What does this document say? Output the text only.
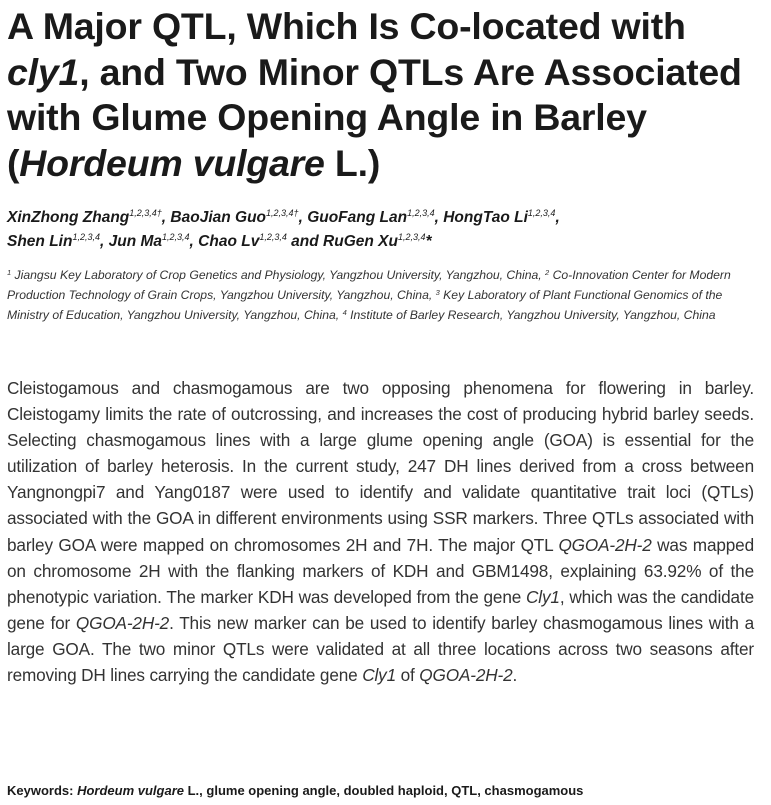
A Major QTL, Which Is Co-located with cly1, and Two Minor QTLs Are Associated with Glume Opening Angle in Barley (Hordeum vulgare L.)
XinZhong Zhang$^{1,2,3,4\dagger}$, BaoJian Guo$^{1,2,3,4\dagger}$, GuoFang Lan$^{1,2,3,4}$, HongTao Li$^{1,2,3,4}$,
Shen Lin$^{1,2,3,4}$, Jun Ma$^{1,2,3,4}$, Chao Lv$^{1,2,3,4}$ and RuGen Xu$^{1,2,3,4}$*
$^1$ Jiangsu Key Laboratory of Crop Genetics and Physiology, Yangzhou University, Yangzhou, China, $^2$ Co-Innovation Center for Modern Production Technology of Grain Crops, Yangzhou University, Yangzhou, China, $^3$ Key Laboratory of Plant Functional Genomics of the Ministry of Education, Yangzhou University, Yangzhou, China, $^4$ Institute of Barley Research, Yangzhou University, Yangzhou, China

Cleistogamous and chasmogamous are two opposing phenomena for flowering in barley. Cleistogamy limits the rate of outcrossing, and increases the cost of producing hybrid barley seeds. Selecting chasmogamous lines with a large glume opening angle (GOA) is essential for the utilization of barley heterosis. In the current study, 247 DH lines derived from a cross between Yangnongpi7 and Yang0187 were used to identify and validate quantitative trait loci (QTLs) associated with the GOA in different environments using SSR markers. Three QTLs associated with barley GOA were mapped on chromosomes 2H and 7H. The major QTL QGOA-2H-2 was mapped on chromosome 2H with the flanking markers of KDH and GBM1498, explaining 63.92% of the phenotypic variation. The marker KDH was developed from the gene Cly1, which was the candidate gene for QGOA-2H-2. This new marker can be used to identify barley chasmogamous lines with a large GOA. The two minor QTLs were validated at all three locations across two seasons after removing DH lines carrying the candidate gene Cly1 of QGOA-2H-2.

Keywords: Hordeum vulgare L., glume opening angle, doubled haploid, QTL, chasmogamous
